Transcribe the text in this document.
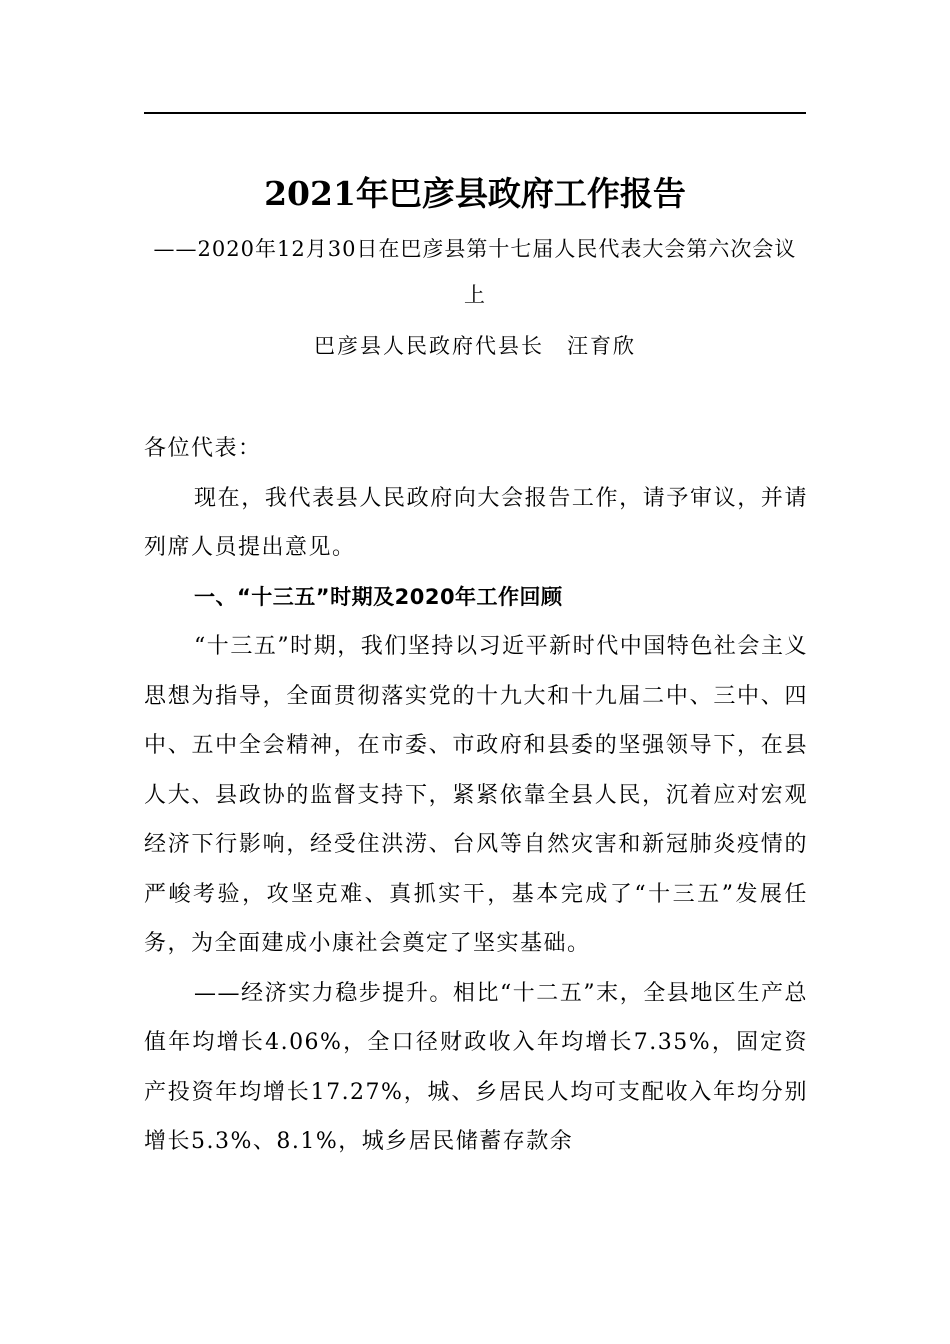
2021年巴彦县政府工作报告
——2020年12月30日在巴彦县第十七届人民代表大会第六次会议上
巴彦县人民政府代县长　汪育欣

各位代表：

现在，我代表县人民政府向大会报告工作，请予审议，并请列席人员提出意见。

一、“十三五”时期及2020年工作回顾

“十三五”时期，我们坚持以习近平新时代中国特色社会主义思想为指导，全面贯彻落实党的十九大和十九届二中、三中、四中、五中全会精神，在市委、市政府和县委的坚强领导下，在县人大、县政协的监督支持下，紧紧依靠全县人民，沉着应对宏观经济下行影响，经受住洪涝、台风等自然灾害和新冠肺炎疫情的严峻考验，攻坚克难、真抓实干，基本完成了“十三五”发展任务，为全面建成小康社会奠定了坚实基础。

——经济实力稳步提升。相比“十二五”末，全县地区生产总值年均增长4.06%，全口径财政收入年均增长7.35%，固定资产投资年均增长17.27%，城、乡居民人均可支配收入年均分别增长5.3%、8.1%，城乡居民储蓄存款余
